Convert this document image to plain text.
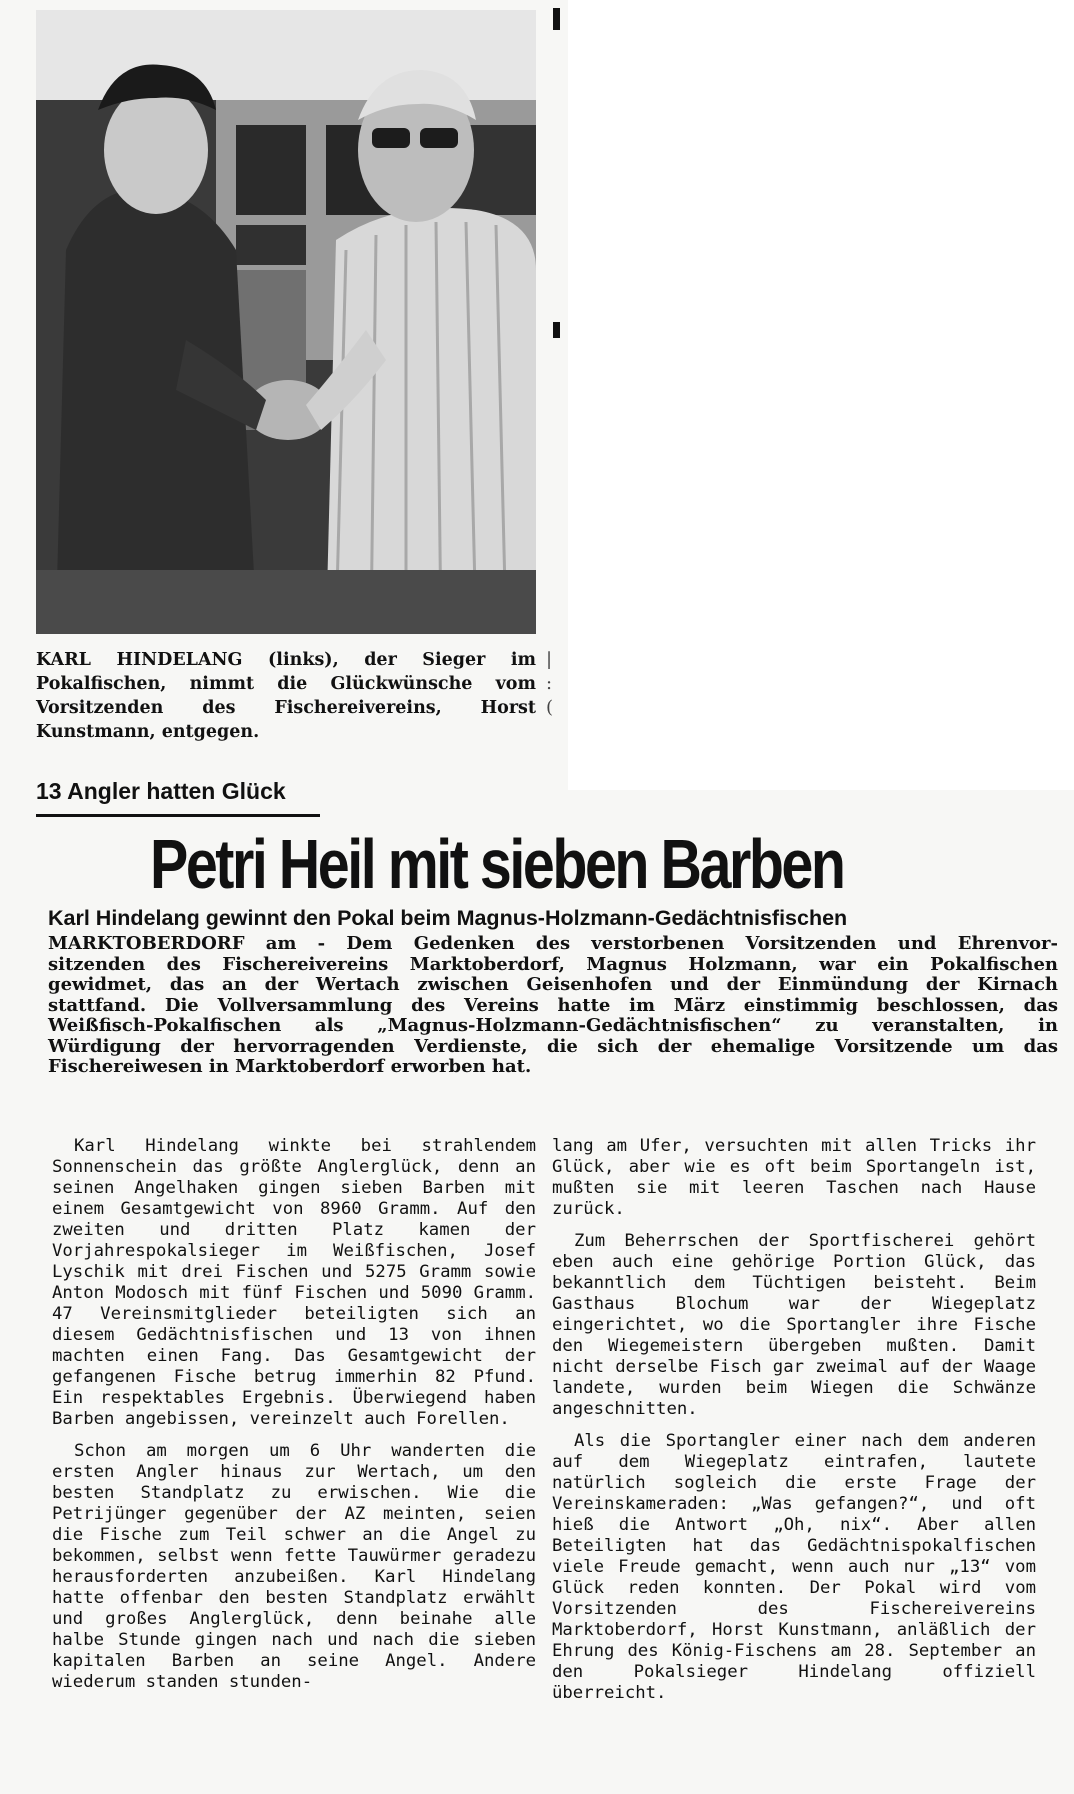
KARL HINDELANG (links), der Sieger im Pokalfischen, nimmt die Glückwünsche vom Vorsitzenden des Fischereivereins, Horst Kunstmann, entgegen.
|
:
(
13 Angler hatten Glück
Petri Heil mit sieben Barben
Karl Hindelang gewinnt den Pokal beim Magnus-Holzmann-Gedächtnisfischen
MARKTOBERDORF am - Dem Gedenken des verstorbenen Vorsitzenden und Ehrenvor-
sitzenden des Fischereivereins Marktoberdorf, Magnus Holzmann, war ein Pokalfischen
gewidmet, das an der Wertach zwischen Geisenhofen und der Einmündung der Kirnach
stattfand. Die Vollversammlung des Vereins hatte im März einstimmig beschlossen, das
Weißfisch-Pokalfischen als „Magnus-Holzmann-Gedächtnisfischen“ zu veranstalten, in
Würdigung der hervorragenden Verdienste, die sich der ehemalige Vorsitzende um das
Fischereiwesen in Marktoberdorf erworben hat.

Karl Hindelang winkte bei strahlendem Sonnenschein das größte Anglerglück, denn an seinen Angelhaken gingen sieben Barben mit einem Gesamtgewicht von 8960 Gramm. Auf den zweiten und dritten Platz kamen der Vorjahrespokalsieger im Weißfischen, Josef Lyschik mit drei Fischen und 5275 Gramm sowie Anton Modosch mit fünf Fischen und 5090 Gramm. 47 Vereinsmitglieder beteiligten sich an diesem Gedächtnisfischen und 13 von ihnen machten einen Fang. Das Gesamtgewicht der gefangenen Fische betrug immerhin 82 Pfund. Ein respektables Ergebnis. Überwiegend haben Barben angebissen, vereinzelt auch Forellen.

Schon am morgen um 6 Uhr wanderten die ersten Angler hinaus zur Wertach, um den besten Standplatz zu erwischen. Wie die Petrijünger gegenüber der AZ meinten, seien die Fische zum Teil schwer an die Angel zu bekommen, selbst wenn fette Tauwürmer geradezu herausforderten anzubeißen. Karl Hindelang hatte offenbar den besten Standplatz erwählt und großes Anglerglück, denn beinahe alle halbe Stunde gingen nach und nach die sieben kapitalen Barben an seine Angel. Andere wiederum standen stunden-

lang am Ufer, versuchten mit allen Tricks ihr Glück, aber wie es oft beim Sportangeln ist, mußten sie mit leeren Taschen nach Hause zurück.

Zum Beherrschen der Sportfischerei gehört eben auch eine gehörige Portion Glück, das bekanntlich dem Tüchtigen beisteht. Beim Gasthaus Blochum war der Wiegeplatz eingerichtet, wo die Sportangler ihre Fische den Wiegemeistern übergeben mußten. Damit nicht derselbe Fisch gar zweimal auf der Waage landete, wurden beim Wiegen die Schwänze angeschnitten.

Als die Sportangler einer nach dem anderen auf dem Wiegeplatz eintrafen, lautete natürlich sogleich die erste Frage der Vereinskameraden: „Was gefangen?“, und oft hieß die Antwort „Oh, nix“. Aber allen Beteiligten hat das Gedächtnispokalfischen viele Freude gemacht, wenn auch nur „13“ vom Glück reden konnten. Der Pokal wird vom Vorsitzenden des Fischereivereins Marktoberdorf, Horst Kunstmann, anläßlich der Ehrung des König-Fischens am 28. September an den Pokalsieger Hindelang offiziell überreicht.
